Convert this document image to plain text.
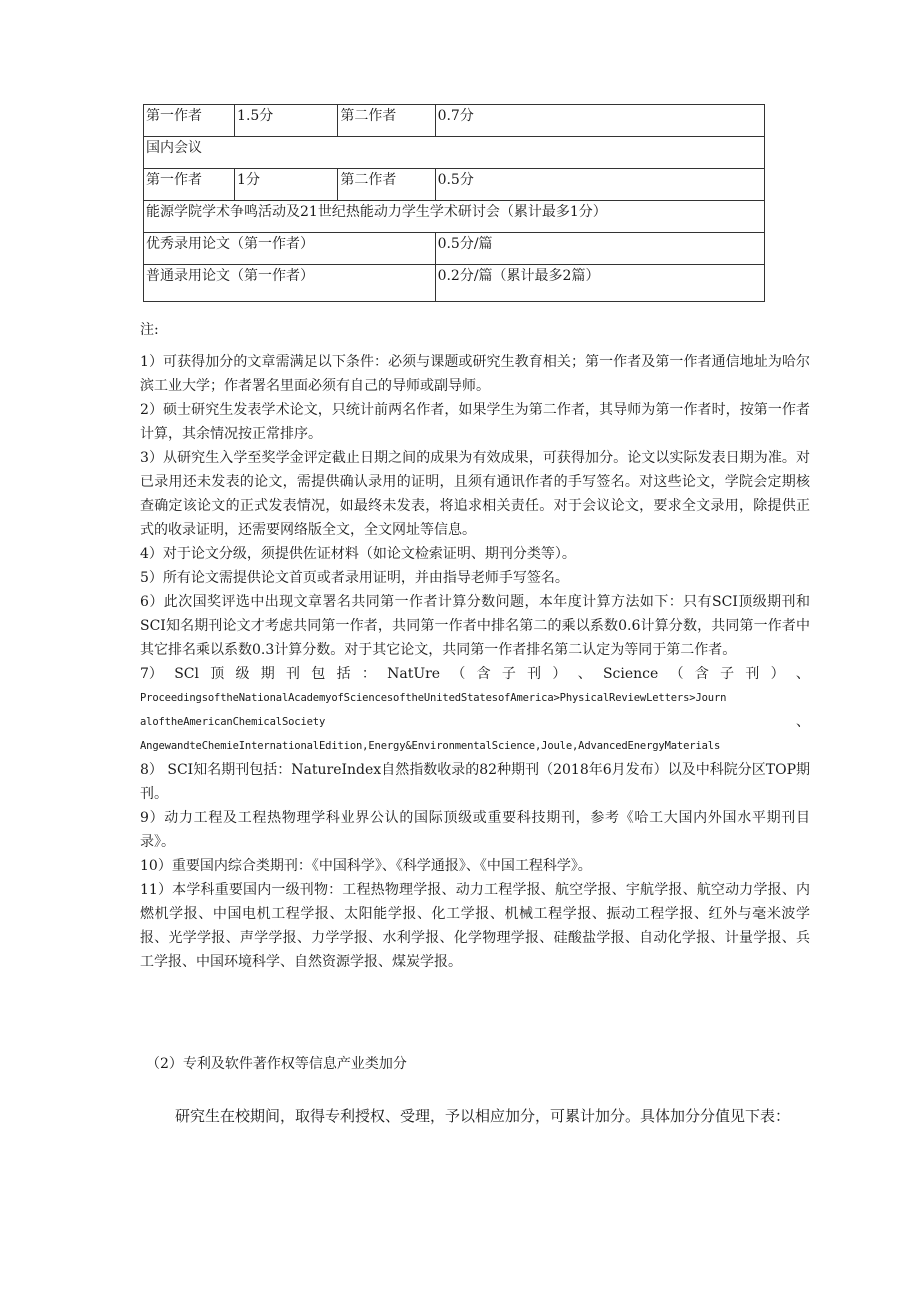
第一作者	1.5分	第二作者	0.7分
国内会议			
第一作者	1分	第二作者	0.5分
能源学院学术争鸣活动及21世纪热能动力学生学术研讨会（累计最多1分）			
优秀录用论文（第一作者）			0.5分/篇
普通录用论文（第一作者）			0.2分/篇（累计最多2篇）

注:

1）可获得加分的文章需满足以下条件：必须与课题或研究生教育相关；第一作者及第一作者通信地址为哈尔滨工业大学；作者署名里面必须有自己的导师或副导师。

2）硕士研究生发表学术论文，只统计前两名作者，如果学生为第二作者，其导师为第一作者时，按第一作者计算，其余情况按正常排序。

3）从研究生入学至奖学金评定截止日期之间的成果为有效成果，可获得加分。论文以实际发表日期为准。对已录用还未发表的论文，需提供确认录用的证明，且须有通讯作者的手写签名。对这些论文，学院会定期核查确定该论文的正式发表情况，如最终未发表，将追求相关责任。对于会议论文，要求全文录用，除提供正式的收录证明，还需要网络版全文，全文网址等信息。

4）对于论文分级，须提供佐证材料（如论文检索证明、期刊分类等）。

5）所有论文需提供论文首页或者录用证明，并由指导老师手写签名。

6）此次国奖评选中出现文章署名共同第一作者计算分数问题，本年度计算方法如下：只有SCI顶级期刊和SCI知名期刊论文才考虑共同第一作者，共同第一作者中排名第二的乘以系数0.6计算分数，共同第一作者中其它排名乘以系数0.3计算分数。对于其它论文，共同第一作者排名第二认定为等同于第二作者。

7） SCl 顶 级 期 刊 包 括 ： NatUre （ 含 子 刊 ） 、 Science （ 含 子 刊 ） 、

ProceedingsoftheNationalAcademyofSciencesoftheUnitedStatesofAmerica>PhysicalReviewLetters>Journ

aloftheAmericanChemicalSociety	、

AngewandteChemieInternationalEdition,Energy&EnvironmentalScience,Joule,AdvancedEnergyMaterials

8） SCI知名期刊包括：NatureIndex自然指数收录的82种期刊（2018年6月发布）以及中科院分区TOP期刊。

9）动力工程及工程热物理学科业界公认的国际顶级或重要科技期刊，参考《哈工大国内外国水平期刊目录》。

10）重要国内综合类期刊：《中国科学》、《科学通报》、《中国工程科学》。

11）本学科重要国内一级刊物：工程热物理学报、动力工程学报、航空学报、宇航学报、航空动力学报、内燃机学报、中国电机工程学报、太阳能学报、化工学报、机械工程学报、振动工程学报、红外与毫米波学报、光学学报、声学学报、力学学报、水利学报、化学物理学报、硅酸盐学报、自动化学报、计量学报、兵工学报、中国环境科学、自然资源学报、煤炭学报。

（2）专利及软件著作权等信息产业类加分

研究生在校期间，取得专利授权、受理，予以相应加分，可累计加分。具体加分分值见下表：
